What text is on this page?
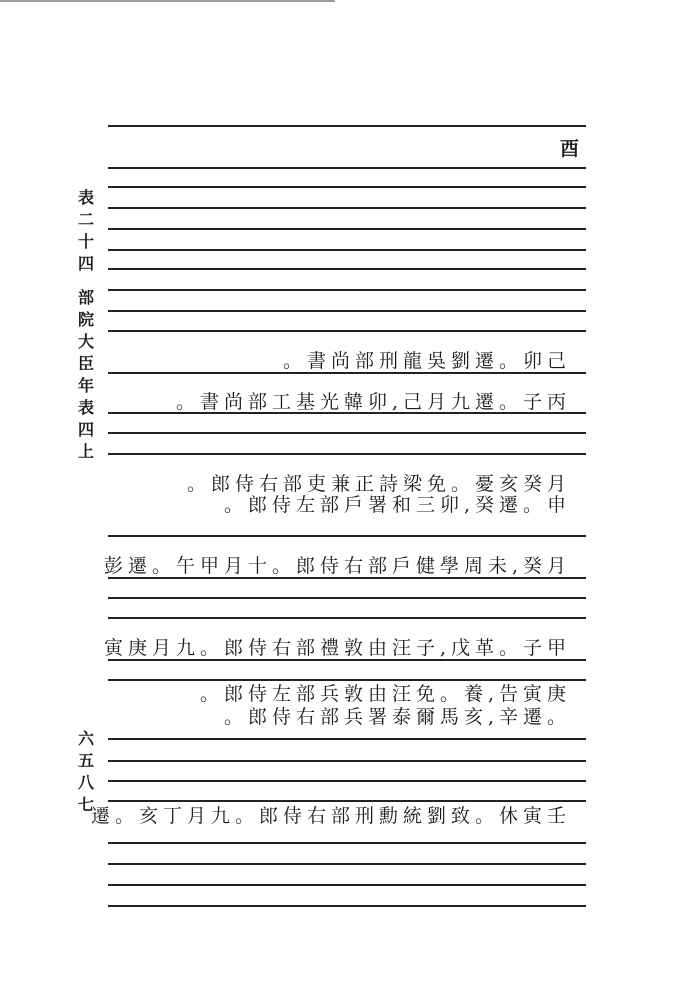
表
二
十
四
部
院
大
臣
年
表
四
上
六
五
八
七
酉
己卯。遷劉吳龍刑部尚書。
丙子。遷九月己,卯韓光基工部尚書。
月癸亥憂。免梁詩正兼吏部右侍郎。
申。遷癸,卯三和署戶部左侍郎。
月癸,未周學健戶部右侍郎。十月甲午。遷彭
甲子。革戊,子汪由敦禮部右侍郎。九月庚寅
庚寅告,養。免汪由敦兵部左侍郎。
。遷辛,亥馬爾泰署兵部右侍郎。
壬寅休。致劉統勳刑部右侍郎。九月丁亥。遷
